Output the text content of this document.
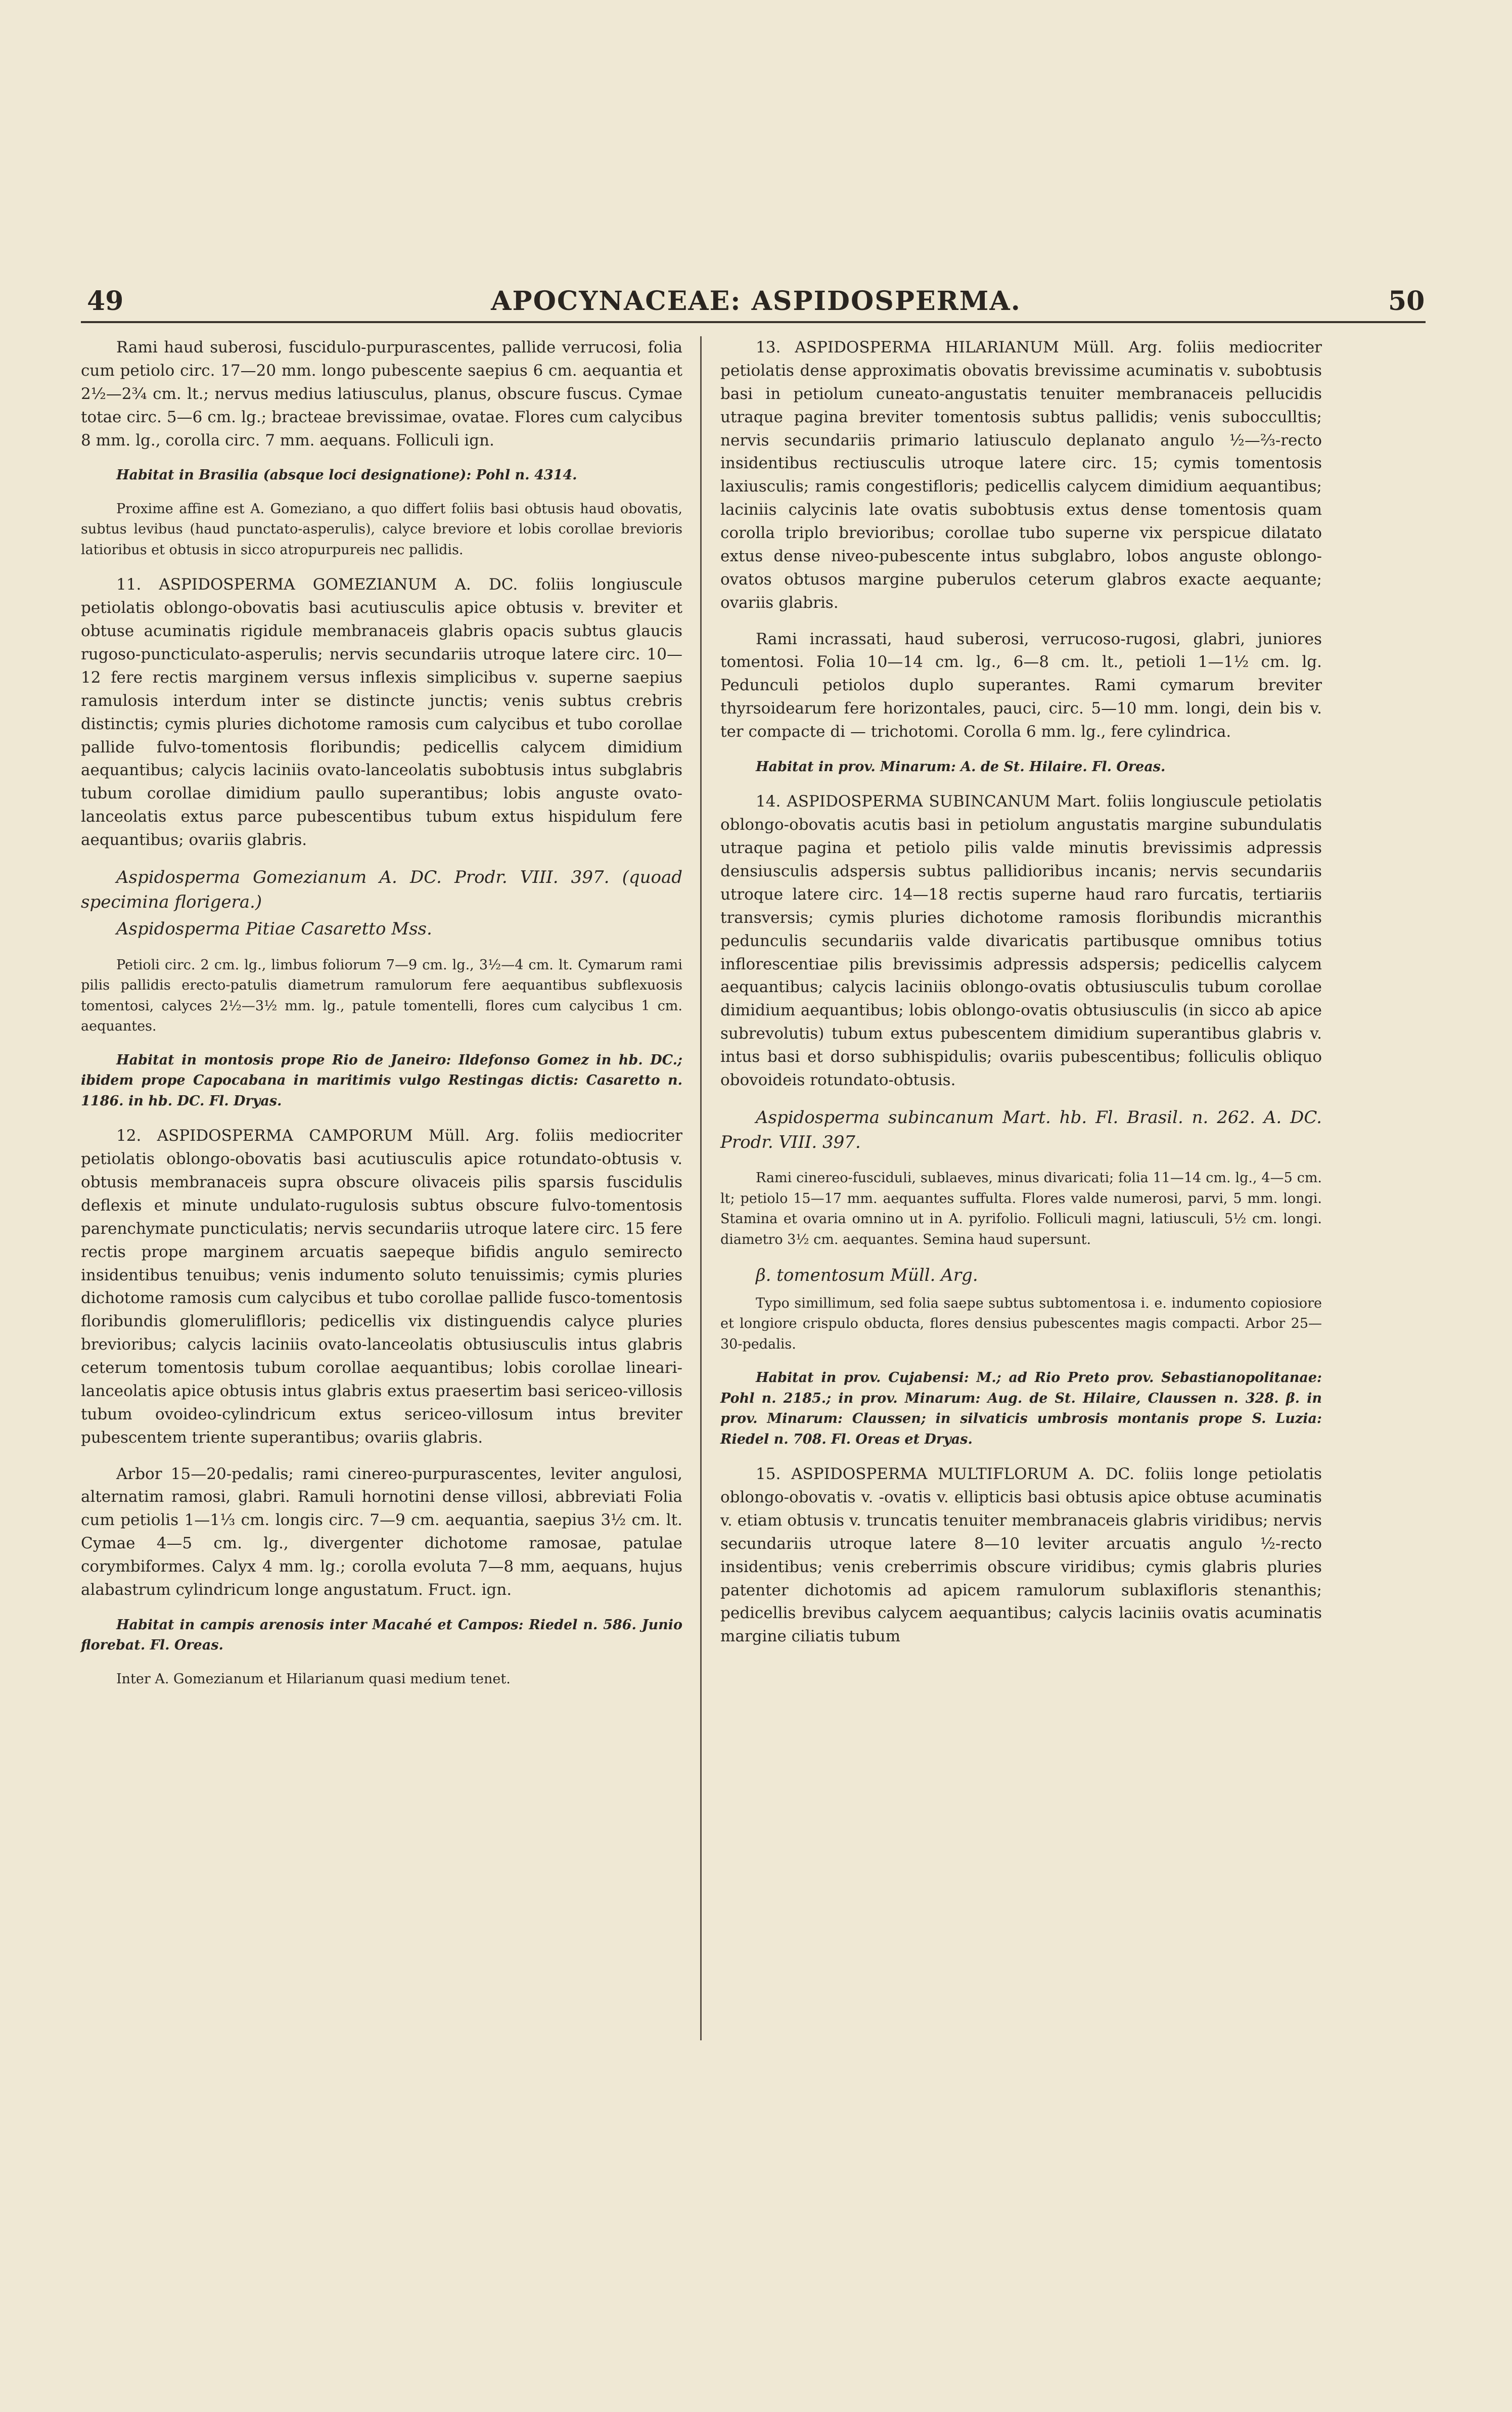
49	APOCYNACEAE: ASPIDOSPERMA.	50

Rami haud suberosi, fuscidulo-purpurascentes, pallide verrucosi, folia cum petiolo circ. 17—20 mm. longo pubescente saepius 6 cm. aequantia et 2½—2¾ cm. lt.; nervus medius latiusculus, planus, obscure fuscus. Cymae totae circ. 5—6 cm. lg.; bracteae brevissimae, ovatae. Flores cum calycibus 8 mm. lg., corolla circ. 7 mm. aequans. Folliculi ign.

Habitat in Brasilia (absque loci designatione): Pohl n. 4314.

Proxime affine est A. Gomeziano, a quo differt foliis basi obtusis haud obovatis, subtus levibus (haud punctato-asperulis), calyce breviore et lobis corollae brevioris latioribus et obtusis in sicco atropurpureis nec pallidis.

11. ASPIDOSPERMA GOMEZIANUM A. DC. foliis longiuscule petiolatis oblongo-obovatis basi acutiusculis apice obtusis v. breviter et obtuse acuminatis rigidule membranaceis glabris opacis subtus glaucis rugoso-puncticulato-asperulis; nervis secundariis utroque latere circ. 10—12 fere rectis marginem versus inflexis simplicibus v. superne saepius ramulosis interdum inter se distincte junctis; venis subtus crebris distinctis; cymis pluries dichotome ramosis cum calycibus et tubo corollae pallide fulvo-tomentosis floribundis; pedicellis calycem dimidium aequantibus; calycis laciniis ovato-lanceolatis subobtusis intus subglabris tubum corollae dimidium paullo superantibus; lobis anguste ovato-lanceolatis extus parce pubescentibus tubum extus hispidulum fere aequantibus; ovariis glabris.

Aspidosperma Gomezianum A. DC. Prodr. VIII. 397. (quoad specimina florigera.)

Aspidosperma Pitiae Casaretto Mss.

Petioli circ. 2 cm. lg., limbus foliorum 7—9 cm. lg., 3½—4 cm. lt. Cymarum rami pilis pallidis erecto-patulis diametrum ramulorum fere aequantibus subflexuosis tomentosi, calyces 2½—3½ mm. lg., patule tomentelli, flores cum calycibus 1 cm. aequantes.

Habitat in montosis prope Rio de Janeiro: Ildefonso Gomez in hb. DC.; ibidem prope Capocabana in maritimis vulgo Restingas dictis: Casaretto n. 1186. in hb. DC. Fl. Dryas.

12. ASPIDOSPERMA CAMPORUM Müll. Arg. foliis mediocriter petiolatis oblongo-obovatis basi acutiusculis apice rotundato-obtusis v. obtusis membranaceis supra obscure olivaceis pilis sparsis fuscidulis deflexis et minute undulato-rugulosis subtus obscure fulvo-tomentosis parenchymate puncticulatis; nervis secundariis utroque latere circ. 15 fere rectis prope marginem arcuatis saepeque bifidis angulo semirecto insidentibus tenuibus; venis indumento soluto tenuissimis; cymis pluries dichotome ramosis cum calycibus et tubo corollae pallide fusco-tomentosis floribundis glomeruliflloris; pedicellis vix distinguendis calyce pluries brevioribus; calycis laciniis ovato-lanceolatis obtusiusculis intus glabris ceterum tomentosis tubum corollae aequantibus; lobis corollae lineari-lanceolatis apice obtusis intus glabris extus praesertim basi sericeo-villosis tubum ovoideo-cylindricum extus sericeo-villosum intus breviter pubescentem triente superantibus; ovariis glabris.

Arbor 15—20-pedalis; rami cinereo-purpurascentes, leviter angulosi, alternatim ramosi, glabri. Ramuli hornotini dense villosi, abbreviati Folia cum petiolis 1—1⅓ cm. longis circ. 7—9 cm. aequantia, saepius 3½ cm. lt. Cymae 4—5 cm. lg., divergenter dichotome ramosae, patulae corymbiformes. Calyx 4 mm. lg.; corolla evoluta 7—8 mm, aequans, hujus alabastrum cylindricum longe angustatum. Fruct. ign.

Habitat in campis arenosis inter Macahé et Campos: Riedel n. 586. Junio florebat. Fl. Oreas.

Inter A. Gomezianum et Hilarianum quasi medium tenet.

13. ASPIDOSPERMA HILARIANUM Müll. Arg. foliis mediocriter petiolatis dense approximatis obovatis brevissime acuminatis v. subobtusis basi in petiolum cuneato-angustatis tenuiter membranaceis pellucidis utraque pagina breviter tomentosis subtus pallidis; venis subocculltis; nervis secundariis primario latiusculo deplanato angulo ½—⅔-recto insidentibus rectiusculis utroque latere circ. 15; cymis tomentosis laxiusculis; ramis congestifloris; pedicellis calycem dimidium aequantibus; laciniis calycinis late ovatis subobtusis extus dense tomentosis quam corolla triplo brevioribus; corollae tubo superne vix perspicue dilatato extus dense niveo-pubescente intus subglabro, lobos anguste oblongo-ovatos obtusos margine puberulos ceterum glabros exacte aequante; ovariis glabris.

Rami incrassati, haud suberosi, verrucoso-rugosi, glabri, juniores tomentosi. Folia 10—14 cm. lg., 6—8 cm. lt., petioli 1—1½ cm. lg. Pedunculi petiolos duplo superantes. Rami cymarum breviter thyrsoidearum fere horizontales, pauci, circ. 5—10 mm. longi, dein bis v. ter compacte di — trichotomi. Corolla 6 mm. lg., fere cylindrica.

Habitat in prov. Minarum: A. de St. Hilaire. Fl. Oreas.

14. ASPIDOSPERMA SUBINCANUM Mart. foliis longiuscule petiolatis oblongo-obovatis acutis basi in petiolum angustatis margine subundulatis utraque pagina et petiolo pilis valde minutis brevissimis adpressis densiusculis adspersis subtus pallidioribus incanis; nervis secundariis utroque latere circ. 14—18 rectis superne haud raro furcatis, tertiariis transversis; cymis pluries dichotome ramosis floribundis micranthis pedunculis secundariis valde divaricatis partibusque omnibus totius inflorescentiae pilis brevissimis adpressis adspersis; pedicellis calycem aequantibus; calycis laciniis oblongo-ovatis obtusiusculis tubum corollae dimidium aequantibus; lobis oblongo-ovatis obtusiusculis (in sicco ab apice subrevolutis) tubum extus pubescentem dimidium superantibus glabris v. intus basi et dorso subhispidulis; ovariis pubescentibus; folliculis obliquo obovoideis rotundato-obtusis.

Aspidosperma subincanum Mart. hb. Fl. Brasil. n. 262. A. DC. Prodr. VIII. 397.

Rami cinereo-fusciduli, sublaeves, minus divaricati; folia 11—14 cm. lg., 4—5 cm. lt; petiolo 15—17 mm. aequantes suffulta. Flores valde numerosi, parvi, 5 mm. longi. Stamina et ovaria omnino ut in A. pyrifolio. Folliculi magni, latiusculi, 5½ cm. longi. diametro 3½ cm. aequantes. Semina haud supersunt.

β. tomentosum Müll. Arg.

Typo simillimum, sed folia saepe subtus subtomentosa i. e. indumento copiosiore et longiore crispulo obducta, flores densius pubescentes magis compacti. Arbor 25—30-pedalis.

Habitat in prov. Cujabensi: M.; ad Rio Preto prov. Sebastianopolitanae: Pohl n. 2185.; in prov. Minarum: Aug. de St. Hilaire, Claussen n. 328. β. in prov. Minarum: Claussen; in silvaticis umbrosis montanis prope S. Luzia: Riedel n. 708. Fl. Oreas et Dryas.

15. ASPIDOSPERMA MULTIFLORUM A. DC. foliis longe petiolatis oblongo-obovatis v. -ovatis v. ellipticis basi obtusis apice obtuse acuminatis v. etiam obtusis v. truncatis tenuiter membranaceis glabris viridibus; nervis secundariis utroque latere 8—10 leviter arcuatis angulo ½-recto insidentibus; venis creberrimis obscure viridibus; cymis glabris pluries patenter dichotomis ad apicem ramulorum sublaxifloris stenanthis; pedicellis brevibus calycem aequantibus; calycis laciniis ovatis acuminatis margine ciliatis tubum
